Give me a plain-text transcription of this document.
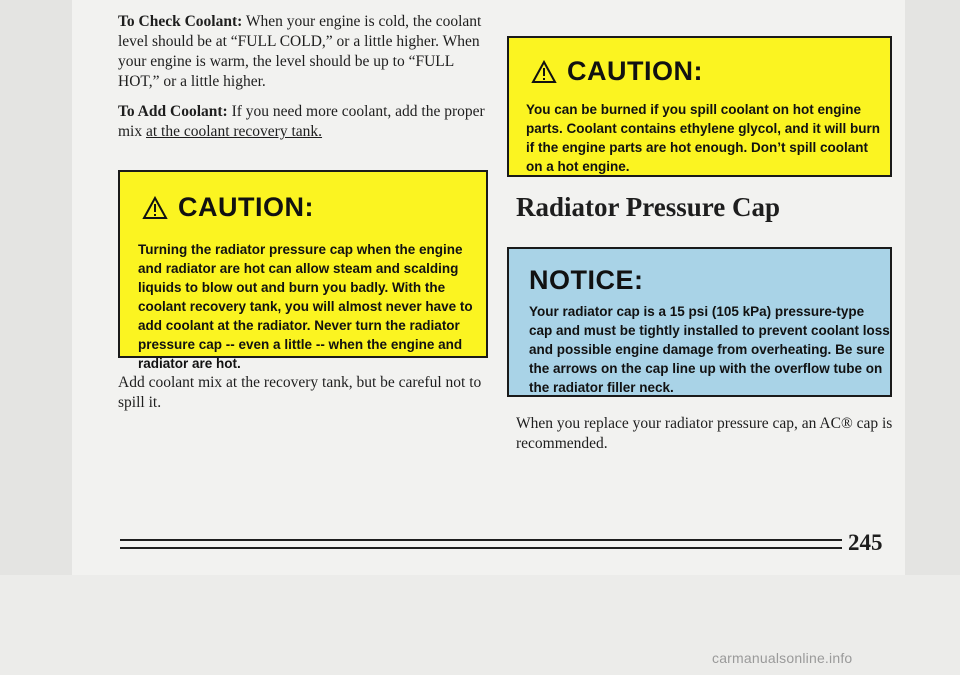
To Check Coolant: When your engine is cold, the coolant level should be at “FULL COLD,” or a little higher. When your engine is warm, the level should be up to “FULL HOT,” or a little higher.

To Add Coolant: If you need more coolant, add the proper mix at the coolant recovery tank.

CAUTION:
Turning the radiator pressure cap when the engine and radiator are hot can allow steam and scalding liquids to blow out and burn you badly. With the coolant recovery tank, you will almost never have to add coolant at the radiator. Never turn the radiator pressure cap -- even a little -- when the engine and radiator are hot.

Add coolant mix at the recovery tank, but be careful not to spill it.

CAUTION:
You can be burned if you spill coolant on hot engine parts. Coolant contains ethylene glycol, and it will burn if the engine parts are hot enough. Don’t spill coolant on a hot engine.
Radiator Pressure Cap
NOTICE:
Your radiator cap is a 15 psi (105 kPa) pressure-type cap and must be tightly installed to prevent coolant loss and possible engine damage from overheating. Be sure the arrows on the cap line up with the overflow tube on the radiator filler neck.

When you replace your radiator pressure cap, an AC® cap is recommended.

245
carmanualsonline.info
